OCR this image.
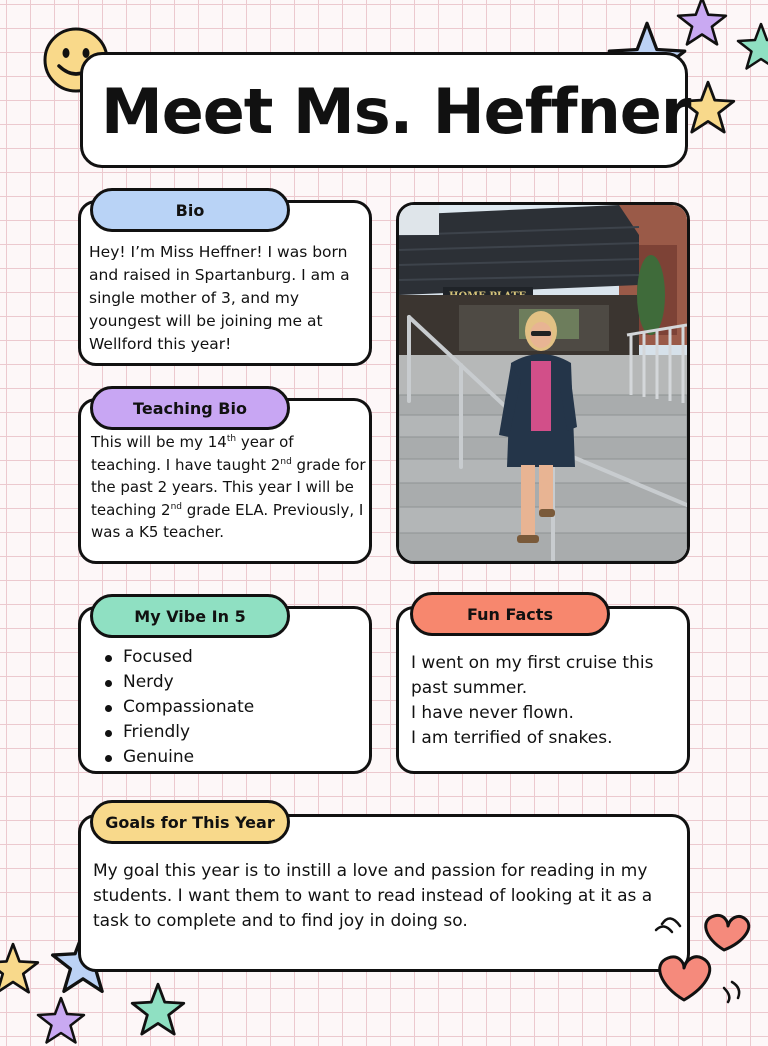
Meet Ms. Heffner
Hey! I’m Miss Heffner! I was born and raised in Spartanburg. I am a single mother of 3, and my youngest will be joining me at Wellford this year!
Bio
This will be my 14th year of teaching. I have taught 2nd grade for the past 2 years. This year I will be teaching 2nd grade ELA. Previously, I was a K5 teacher.
Teaching Bio
Focused
Nerdy
Compassionate
Friendly
Genuine
My Vibe In 5

I went on my first cruise this past summer.

I have never flown.

I am terrified of snakes.

Fun Facts

My goal this year is to instill a love and passion for reading in my students. I want them to want to read instead of looking at it as a task to complete and to find joy in doing so.

Goals for This Year
